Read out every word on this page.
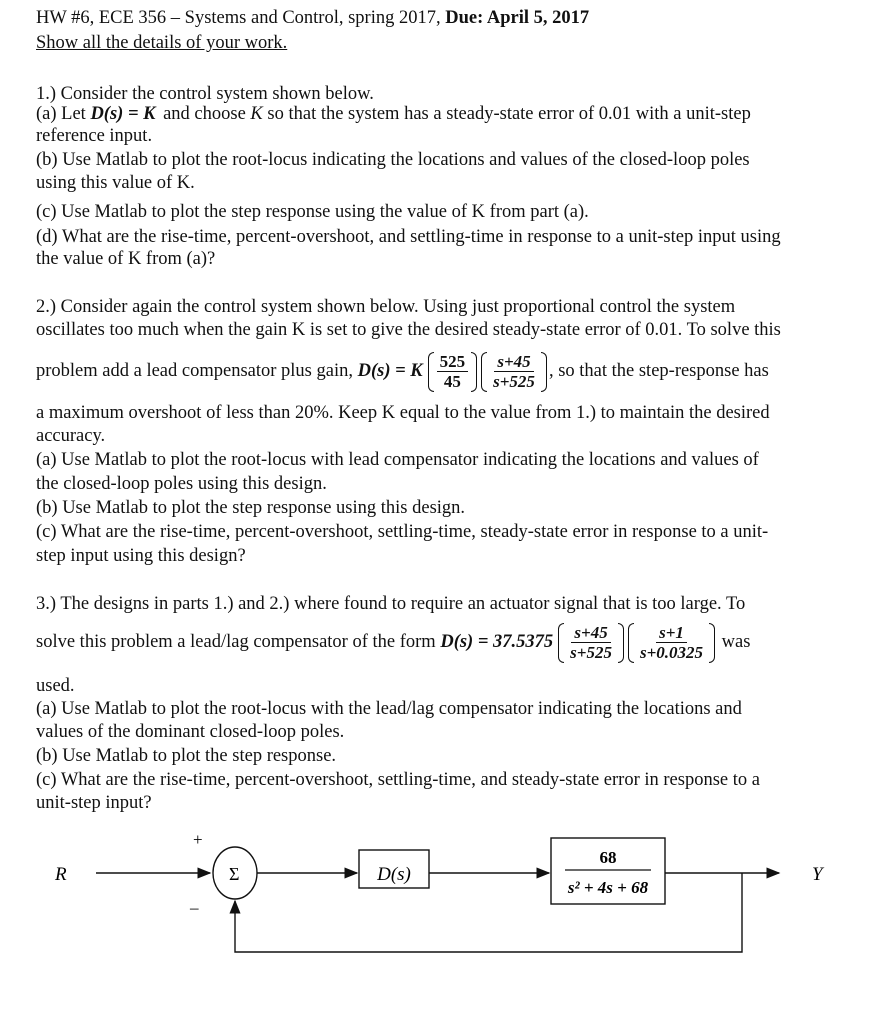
HW #6, ECE 356 – Systems and Control, spring 2017, Due: April 5, 2017
Show all the details of your work.
1.) Consider the control system shown below.
(a) Let D(s) = K and choose K so that the system has a steady-state error of 0.01 with a unit-step
reference input.
(b) Use Matlab to plot the root-locus indicating the locations and values of the closed-loop poles
using this value of K.
(c) Use Matlab to plot the step response using the value of K from part (a).
(d) What are the rise-time, percent-overshoot, and settling-time in response to a unit-step input using
the value of K from (a)?
2.) Consider again the control system shown below. Using just proportional control the system
oscillates too much when the gain K is set to give the desired steady-state error of 0.01. To solve this
problem add a lead compensator plus gain, D(s) = K $\frac{525}{45} \frac{s+45}{s+525}$ , so that the step-response has
a maximum overshoot of less than 20%. Keep K equal to the value from 1.) to maintain the desired
accuracy.
(a) Use Matlab to plot the root-locus with lead compensator indicating the locations and values of
the closed-loop poles using this design.
(b) Use Matlab to plot the step response using this design.
(c) What are the rise-time, percent-overshoot, settling-time, steady-state error in response to a unit-
step input using this design?
3.) The designs in parts 1.) and 2.) where found to require an actuator signal that is too large. To
solve this problem a lead/lag compensator of the form $D(s) = 37.5375 \frac{s+45}{s+525} \frac{s+1}{s+0.0325}$ was
used.
(a) Use Matlab to plot the root-locus with the lead/lag compensator indicating the locations and
values of the dominant closed-loop poles.
(b) Use Matlab to plot the step response.
(c) What are the rise-time, percent-overshoot, settling-time, and steady-state error in response to a
unit-step input?
R	Y
+
–
Σ	D(s)
68
s² + 4s + 68
